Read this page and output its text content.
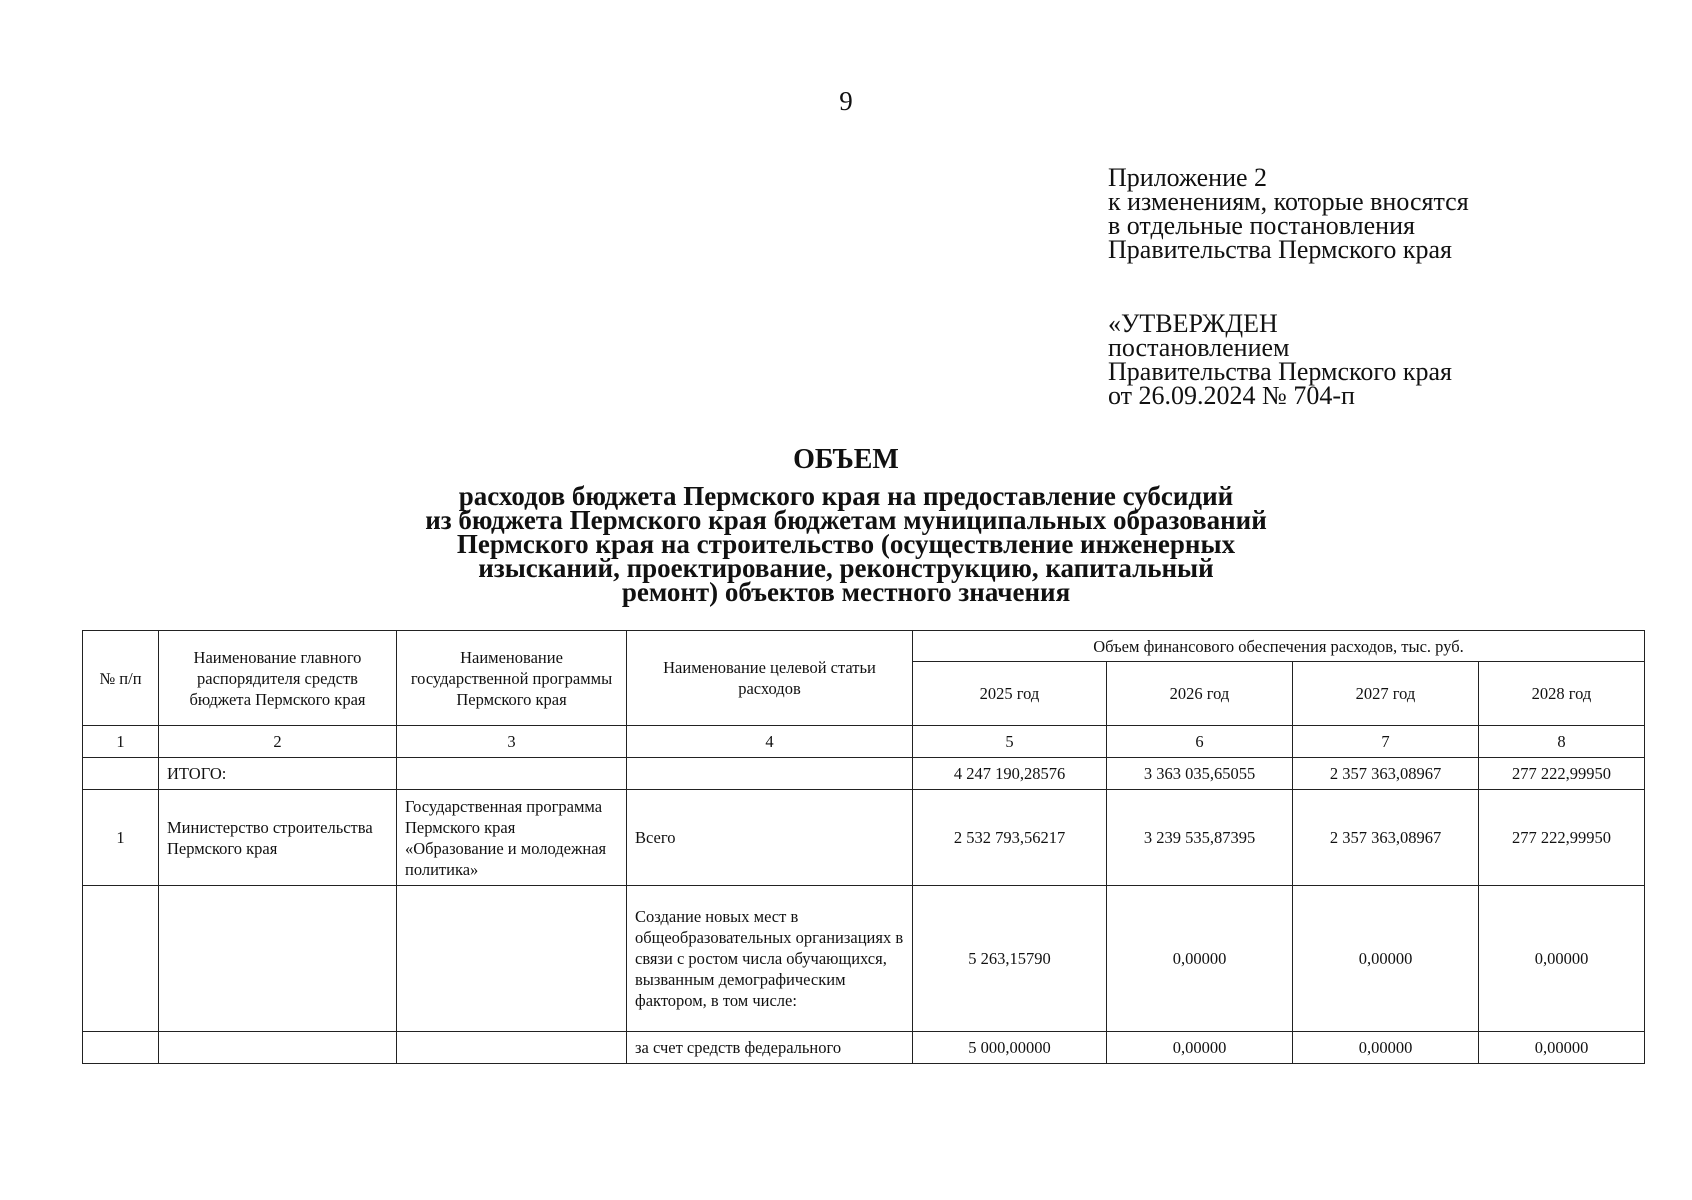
9
Приложение 2
к изменениям, которые вносятся
в отдельные постановления
Правительства Пермского края
«УТВЕРЖДЕН
постановлением
Правительства Пермского края
от 26.09.2024 № 704-п
ОБЪЕМ
расходов бюджета Пермского края на предоставление субсидий
из бюджета Пермского края бюджетам муниципальных образований
Пермского края на строительство (осуществление инженерных
изысканий, проектирование, реконструкцию, капитальный
ремонт) объектов местного значения
№ п/п	Наименование главного распорядителя средств бюджета Пермского края	Наименование государственной программы Пермского края	Наименование целевой статьи расходов	Объем финансового обеспечения расходов, тыс. руб.			
				2025 год	2026 год	2027 год	2028 год
1	2	3	4	5	6	7	8
	ИТОГО:			4 247 190,28576	3 363 035,65055	2 357 363,08967	277 222,99950
1	Министерство строительства Пермского края	Государственная программа Пермского края «Образование и молодежная политика»	Всего	2 532 793,56217	3 239 535,87395	2 357 363,08967	277 222,99950
			Создание новых мест в общеобразовательных организациях в связи с ростом числа обучающихся, вызванным демографическим фактором, в том числе:	5 263,15790	0,00000	0,00000	0,00000
			за счет средств федерального	5 000,00000	0,00000	0,00000	0,00000
